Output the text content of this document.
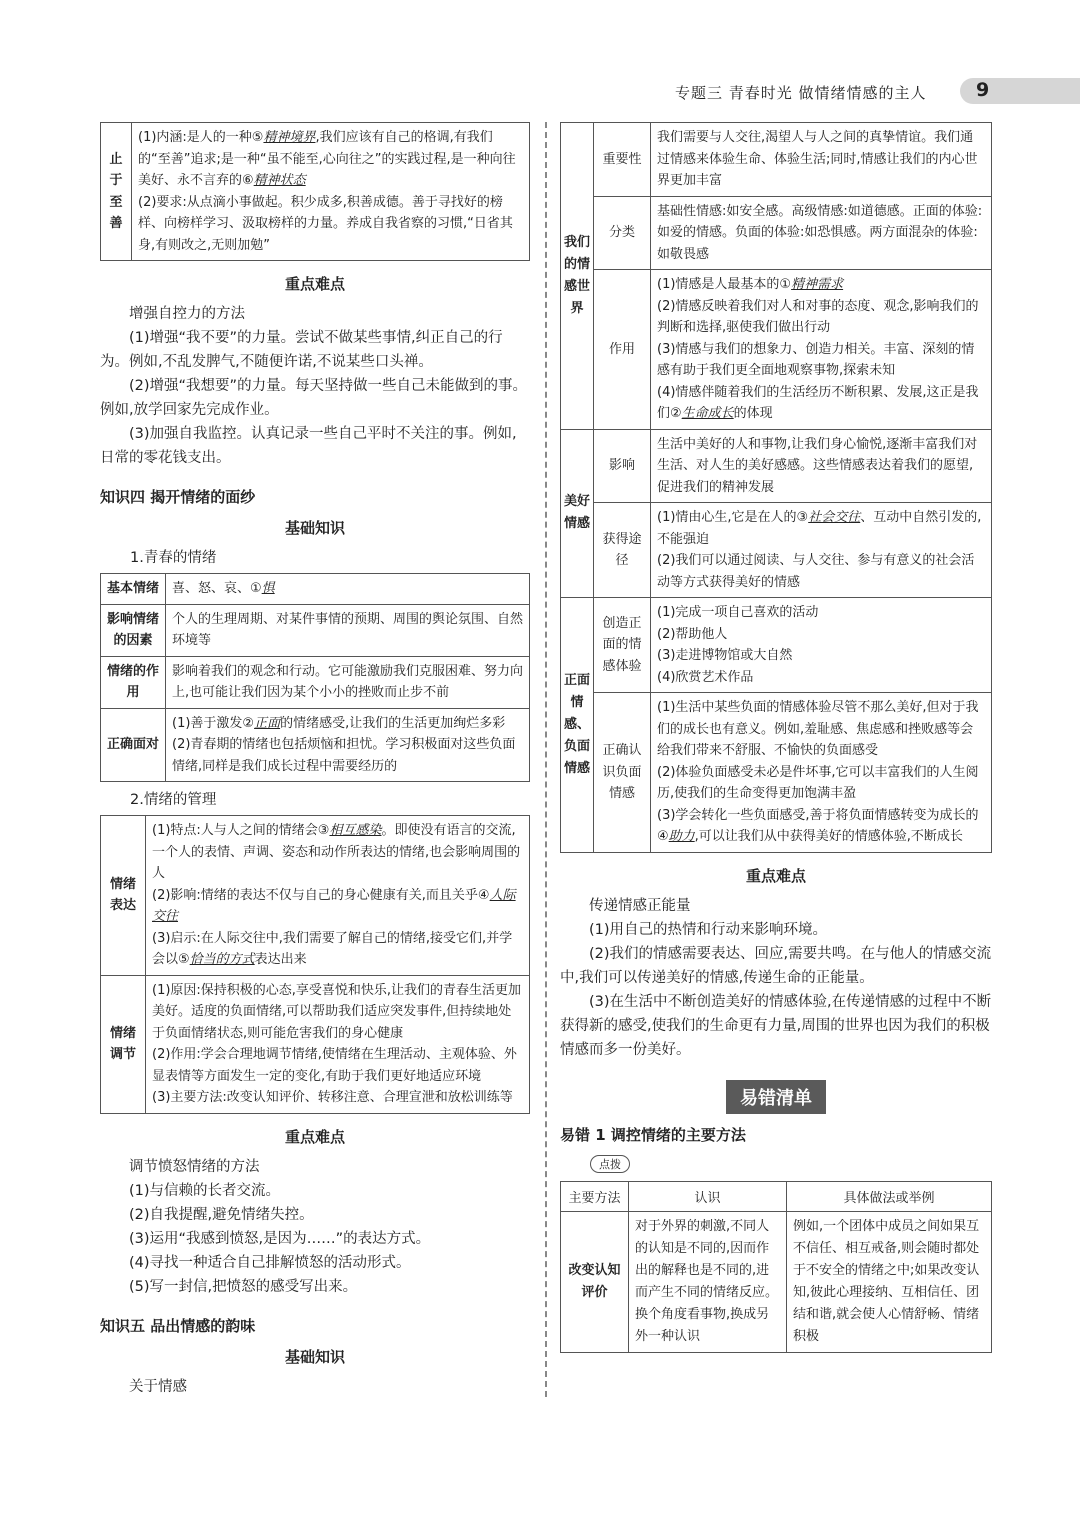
专题三 青春时光 做情绪情感的主人	9
止于至善	(1)内涵:是人的一种⑤精神境界,我们应该有自己的格调,有我们的“至善”追求;是一种“虽不能至,心向往之”的实践过程,是一种向往美好、永不言弃的⑥精神状态
(2)要求:从点滴小事做起。积少成多,积善成德。善于寻找好的榜样、向榜样学习、汲取榜样的力量。养成自我省察的习惯,“日省其身,有则改之,无则加勉”
重点难点

增强自控力的方法

(1)增强“我不要”的力量。尝试不做某些事情,纠正自己的行为。例如,不乱发脾气,不随便许诺,不说某些口头禅。

(2)增强“我想要”的力量。每天坚持做一些自己未能做到的事。例如,放学回家先完成作业。

(3)加强自我监控。认真记录一些自己平时不关注的事。例如,日常的零花钱支出。

知识四 揭开情绪的面纱
基础知识
1.青春的情绪
基本情绪	喜、怒、哀、①惧
影响情绪的因素	个人的生理周期、对某件事情的预期、周围的舆论氛围、自然环境等
情绪的作用	影响着我们的观念和行动。它可能激励我们克服困难、努力向上,也可能让我们因为某个小小的挫败而止步不前
正确面对	(1)善于激发②正面的情绪感受,让我们的生活更加绚烂多彩
(2)青春期的情绪也包括烦恼和担忧。学习积极面对这些负面情绪,同样是我们成长过程中需要经历的
2.情绪的管理
情绪表达	(1)特点:人与人之间的情绪会③相互感染。即使没有语言的交流,一个人的表情、声调、姿态和动作所表达的情绪,也会影响周围的人
(2)影响:情绪的表达不仅与自己的身心健康有关,而且关乎④人际交往
(3)启示:在人际交往中,我们需要了解自己的情绪,接受它们,并学会以⑤恰当的方式表达出来
情绪调节	(1)原因:保持积极的心态,享受喜悦和快乐,让我们的青春生活更加美好。适度的负面情绪,可以帮助我们适应突发事件,但持续地处于负面情绪状态,则可能危害我们的身心健康
(2)作用:学会合理地调节情绪,使情绪在生理活动、主观体验、外显表情等方面发生一定的变化,有助于我们更好地适应环境
(3)主要方法:改变认知评价、转移注意、合理宣泄和放松训练等
重点难点

调节愤怒情绪的方法

(1)与信赖的长者交流。

(2)自我提醒,避免情绪失控。

(3)运用“我感到愤怒,是因为……”的表达方式。

(4)寻找一种适合自己排解愤怒的活动形式。

(5)写一封信,把愤怒的感受写出来。

知识五 品出情感的韵味
基础知识

关于情感

我们的情感世界	重要性	我们需要与人交往,渴望人与人之间的真挚情谊。我们通过情感来体验生命、体验生活;同时,情感让我们的内心世界更加丰富
	分类	基础性情感:如安全感。高级情感:如道德感。正面的体验:如爱的情感。负面的体验:如恐惧感。两方面混杂的体验:如敬畏感
	作用	(1)情感是人最基本的①精神需求
(2)情感反映着我们对人和对事的态度、观念,影响我们的判断和选择,驱使我们做出行动
(3)情感与我们的想象力、创造力相关。丰富、深刻的情感有助于我们更全面地观察事物,探索未知
(4)情感伴随着我们的生活经历不断积累、发展,这正是我们②生命成长的体现
美好情感	影响	生活中美好的人和事物,让我们身心愉悦,逐渐丰富我们对生活、对人生的美好感感。这些情感表达着我们的愿望,促进我们的精神发展
	获得途径	(1)情由心生,它是在人的③社会交往、互动中自然引发的,不能强迫
(2)我们可以通过阅读、与人交往、参与有意义的社会活动等方式获得美好的情感
正面情感、负面情感	创造正面的情感体验	(1)完成一项自己喜欢的活动
(2)帮助他人
(3)走进博物馆或大自然
(4)欣赏艺术作品

	正确认识负面情感	(1)生活中某些负面的情感体验尽管不那么美好,但对于我们的成长也有意义。例如,羞耻感、焦虑感和挫败感等会给我们带来不舒服、不愉快的负面感受
(2)体验负面感受未必是件坏事,它可以丰富我们的人生阅历,使我们的生命变得更加饱满丰盈
(3)学会转化一些负面感受,善于将负面情感转变为成长的④助力,可以让我们从中获得美好的情感体验,不断成长
重点难点

传递情感正能量

(1)用自己的热情和行动来影响环境。

(2)我们的情感需要表达、回应,需要共鸣。在与他人的情感交流中,我们可以传递美好的情感,传递生命的正能量。

(3)在生活中不断创造美好的情感体验,在传递情感的过程中不断获得新的感受,使我们的生命更有力量,周围的世界也因为我们的积极情感而多一份美好。

易错清单
易错 1 调控情绪的主要方法
点拨
主要方法	认识	具体做法或举例
改变认知评价	对于外界的刺激,不同人的认知是不同的,因而作出的解释也是不同的,进而产生不同的情绪反应。换个角度看事物,换成另外一种认识	例如,一个团体中成员之间如果互不信任、相互戒备,则会随时都处于不安全的情绪之中;如果改变认知,彼此心理接纳、互相信任、团结和谐,就会使人心情舒畅、情绪积极
